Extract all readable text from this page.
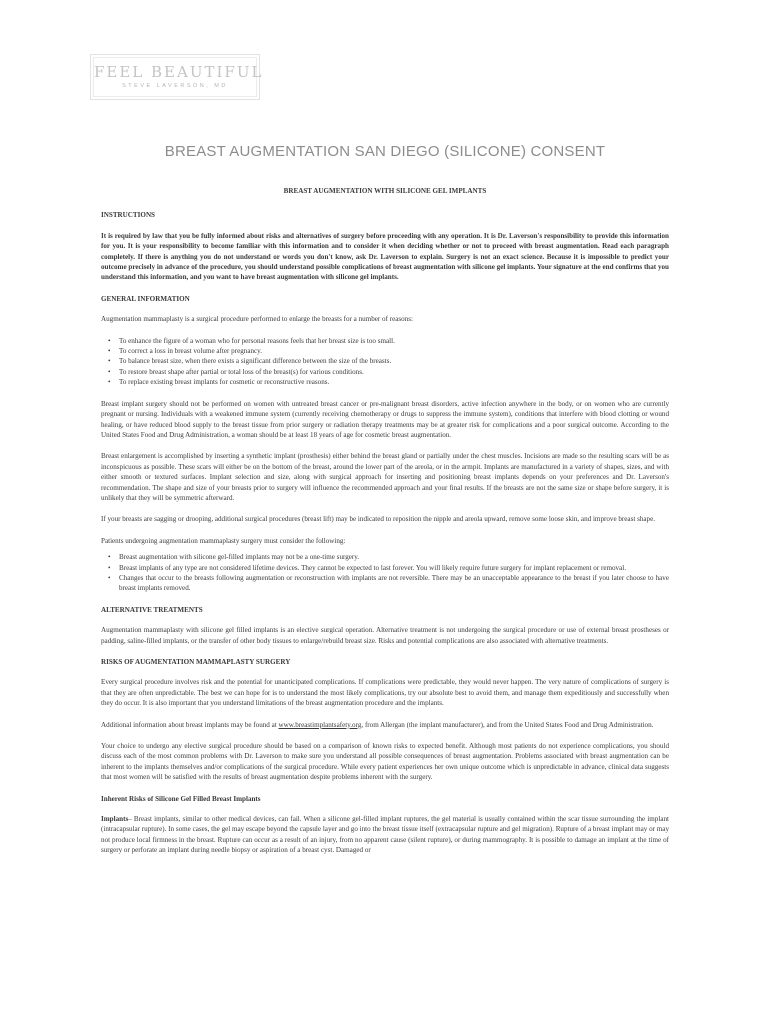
FEEL BEAUTIFUL
STEVE LAVERSON, MD
BREAST AUGMENTATION SAN DIEGO (SILICONE) CONSENT

BREAST AUGMENTATION WITH SILICONE GEL IMPLANTS

INSTRUCTIONS

It is required by law that you be fully informed about risks and alternatives of surgery before proceeding with any operation. It is Dr. Laverson's responsibility to provide this information for you. It is your responsibility to become familiar with this information and to consider it when deciding whether or not to proceed with breast augmentation. Read each paragraph completely. If there is anything you do not understand or words you don't know, ask Dr. Laverson to explain. Surgery is not an exact science. Because it is impossible to predict your outcome precisely in advance of the procedure, you should understand possible complications of breast augmentation with silicone gel implants. Your signature at the end confirms that you understand this information, and you want to have breast augmentation with silicone gel implants.

GENERAL INFORMATION

Augmentation mammaplasty is a surgical procedure performed to enlarge the breasts for a number of reasons:

• To enhance the figure of a woman who for personal reasons feels that her breast size is too small.
• To correct a loss in breast volume after pregnancy.
• To balance breast size, when there exists a significant difference between the size of the breasts.
• To restore breast shape after partial or total loss of the breast(s) for various conditions.
• To replace existing breast implants for cosmetic or reconstructive reasons.

Breast implant surgery should not be performed on women with untreated breast cancer or pre-malignant breast disorders, active infection anywhere in the body, or on women who are currently pregnant or nursing. Individuals with a weakened immune system (currently receiving chemotherapy or drugs to suppress the immune system), conditions that interfere with blood clotting or wound healing, or have reduced blood supply to the breast tissue from prior surgery or radiation therapy treatments may be at greater risk for complications and a poor surgical outcome. According to the United States Food and Drug Administration, a woman should be at least 18 years of age for cosmetic breast augmentation.

Breast enlargement is accomplished by inserting a synthetic implant (prosthesis) either behind the breast gland or partially under the chest muscles. Incisions are made so the resulting scars will be as inconspicuous as possible. These scars will either be on the bottom of the breast, around the lower part of the areola, or in the armpit. Implants are manufactured in a variety of shapes, sizes, and with either smooth or textured surfaces. Implant selection and size, along with surgical approach for inserting and positioning breast implants depends on your preferences and Dr. Laverson's recommendation. The shape and size of your breasts prior to surgery will influence the recommended approach and your final results. If the breasts are not the same size or shape before surgery, it is unlikely that they will be symmetric afterward.

If your breasts are sagging or drooping, additional surgical procedures (breast lift) may be indicated to reposition the nipple and areola upward, remove some loose skin, and improve breast shape.

Patients undergoing augmentation mammaplasty surgery must consider the following:

• Breast augmentation with silicone gel-filled implants may not be a one-time surgery.
• Breast implants of any type are not considered lifetime devices. They cannot be expected to last forever. You will likely require future surgery for implant replacement or removal.
• Changes that occur to the breasts following augmentation or reconstruction with implants are not reversible. There may be an unacceptable appearance to the breast if you later choose to have breast implants removed.

ALTERNATIVE TREATMENTS

Augmentation mammaplasty with silicone gel filled implants is an elective surgical operation. Alternative treatment is not undergoing the surgical procedure or use of external breast prostheses or padding, saline-filled implants, or the transfer of other body tissues to enlarge/rebuild breast size. Risks and potential complications are also associated with alternative treatments.

RISKS OF AUGMENTATION MAMMAPLASTY SURGERY

Every surgical procedure involves risk and the potential for unanticipated complications. If complications were predictable, they would never happen. The very nature of complications of surgery is that they are often unpredictable. The best we can hope for is to understand the most likely complications, try our absolute best to avoid them, and manage them expeditiously and successfully when they do occur. It is also important that you understand limitations of the breast augmentation procedure and the implants.

Additional information about breast implants may be found at www.breastimplantsafety.org, from Allergan (the implant manufacturer), and from the United States Food and Drug Administration.

Your choice to undergo any elective surgical procedure should be based on a comparison of known risks to expected benefit. Although most patients do not experience complications, you should discuss each of the most common problems with Dr. Laverson to make sure you understand all possible consequences of breast augmentation. Problems associated with breast augmentation can be inherent to the implants themselves and/or complications of the surgical procedure. While every patient experiences her own unique outcome which is unpredictable in advance, clinical data suggests that most women will be satisfied with the results of breast augmentation despite problems inherent with the surgery.

Inherent Risks of Silicone Gel Filled Breast Implants

Implants– Breast implants, similar to other medical devices, can fail. When a silicone gel-filled implant ruptures, the gel material is usually contained within the scar tissue surrounding the implant (intracapsular rupture). In some cases, the gel may escape beyond the capsule layer and go into the breast tissue itself (extracapsular rupture and gel migration). Rupture of a breast implant may or may not produce local firmness in the breast. Rupture can occur as a result of an injury, from no apparent cause (silent rupture), or during mammography. It is possible to damage an implant at the time of surgery or perforate an implant during needle biopsy or aspiration of a breast cyst. Damaged or
